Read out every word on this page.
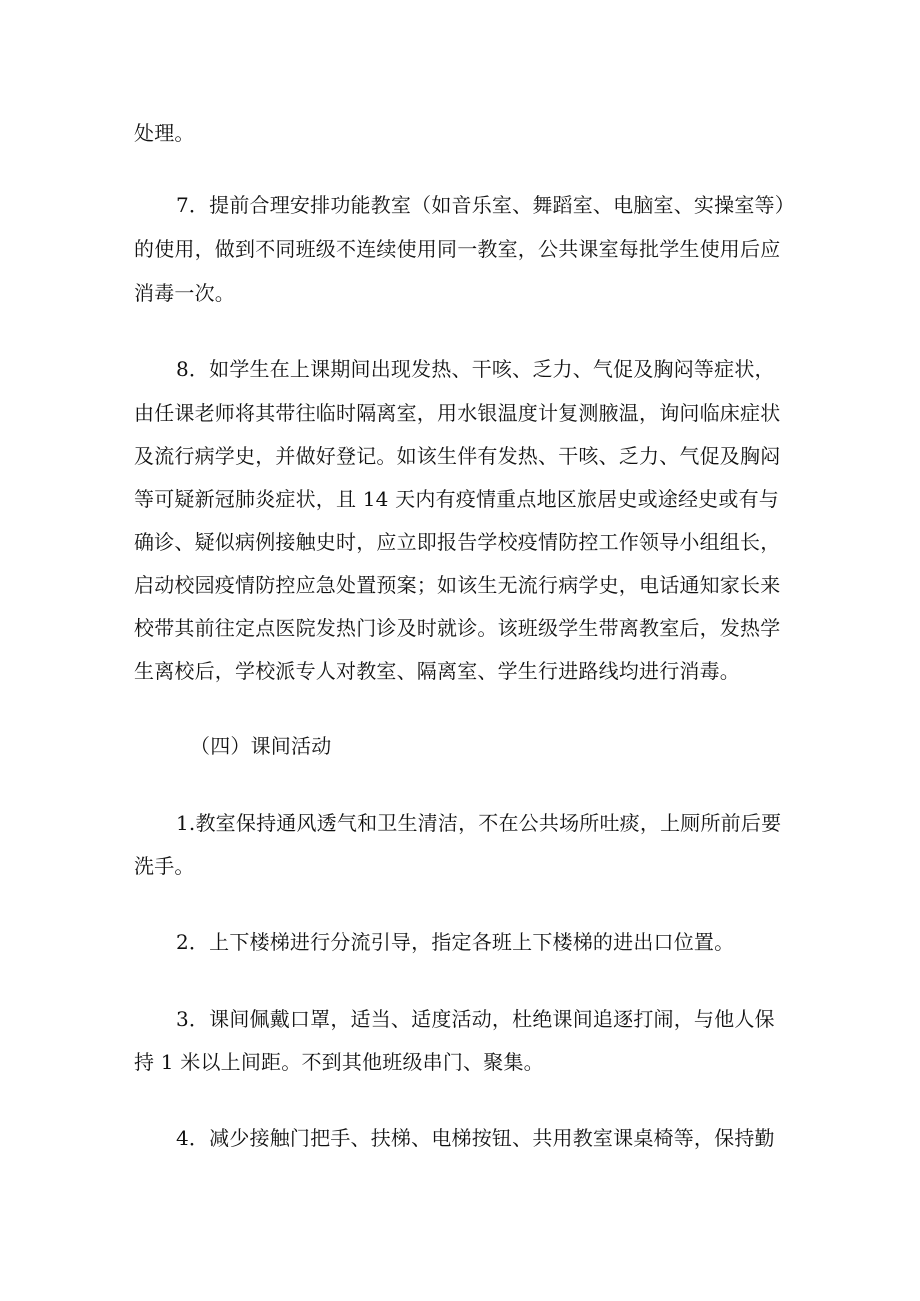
处理。
7．提前合理安排功能教室（如音乐室、舞蹈室、电脑室、实操室等）
的使用，做到不同班级不连续使用同一教室，公共课室每批学生使用后应
消毒一次。
8．如学生在上课期间出现发热、干咳、乏力、气促及胸闷等症状，
由任课老师将其带往临时隔离室，用水银温度计复测腋温，询问临床症状
及流行病学史，并做好登记。如该生伴有发热、干咳、乏力、气促及胸闷
等可疑新冠肺炎症状，且 14 天内有疫情重点地区旅居史或途经史或有与
确诊、疑似病例接触史时，应立即报告学校疫情防控工作领导小组组长，
启动校园疫情防控应急处置预案；如该生无流行病学史，电话通知家长来
校带其前往定点医院发热门诊及时就诊。该班级学生带离教室后，发热学
生离校后，学校派专人对教室、隔离室、学生行进路线均进行消毒。
（四）课间活动
1.教室保持通风透气和卫生清洁，不在公共场所吐痰，上厕所前后要
洗手。
2．上下楼梯进行分流引导，指定各班上下楼梯的进出口位置。
3．课间佩戴口罩，适当、适度活动，杜绝课间追逐打闹，与他人保
持 1 米以上间距。不到其他班级串门、聚集。
4．减少接触门把手、扶梯、电梯按钮、共用教室课桌椅等，保持勤
